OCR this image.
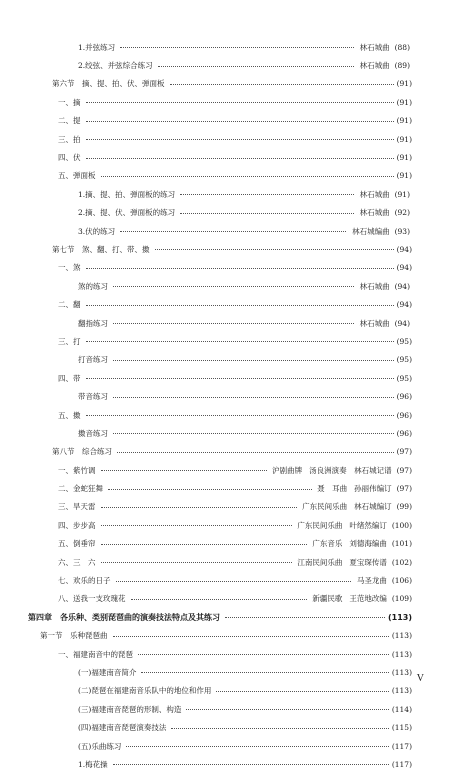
1.并弦练习	林石城曲 (88)
2.绞弦、并弦综合练习	林石城曲 (89)
第六节　摘、提、拍、伏、弹面板	(91)
一、摘	(91)
二、提	(91)
三、拍	(91)
四、伏	(91)
五、弹面板	(91)
1.摘、提、拍、弹面板的练习	林石城曲 (91)
2.摘、提、伏、弹面板的练习	林石城曲 (92)
3.伏的练习	林石城编曲 (93)
第七节　煞、翻、打、带、擞	(94)
一、煞	(94)
煞的练习	林石城曲 (94)
二、翻	(94)
翻指练习	林石城曲 (94)
三、打	(95)
打音练习	(95)
四、带	(95)
带音练习	(96)
五、擞	(96)
擞音练习	(96)
第八节　综合练习	(97)
一、紫竹调	沪剧曲牌 汤良洲演奏　林石城记谱 (97)
二、金蛇狂舞	聂　耳曲 孙丽伟编订 (97)
三、旱天雷	广东民间乐曲 林石城编订 (99)
四、步步高	广东民间乐曲 叶绪然编订 (100)
五、倒垂帘	广东音乐 刘德海编曲 (101)
六、三　六	江南民间乐曲 夏宝琛传谱 (102)
七、欢乐的日子	马圣龙曲 (106)
八、送我一支玫瑰花	新疆民歌 王范地改编 (109)
第四章　各乐种、类别琵琶曲的演奏技法特点及其练习	(113)
第一节　乐种琵琶曲	(113)
一、福建南音中的琵琶	(113)
(一)福建南音简介	(113)
(二)琵琶在福建南音乐队中的地位和作用	(113)
(三)福建南音琵琶的形制、构造	(114)
(四)福建南音琵琶演奏技法	(115)
(五)乐曲练习	(117)
1.梅花操	(117)
V
